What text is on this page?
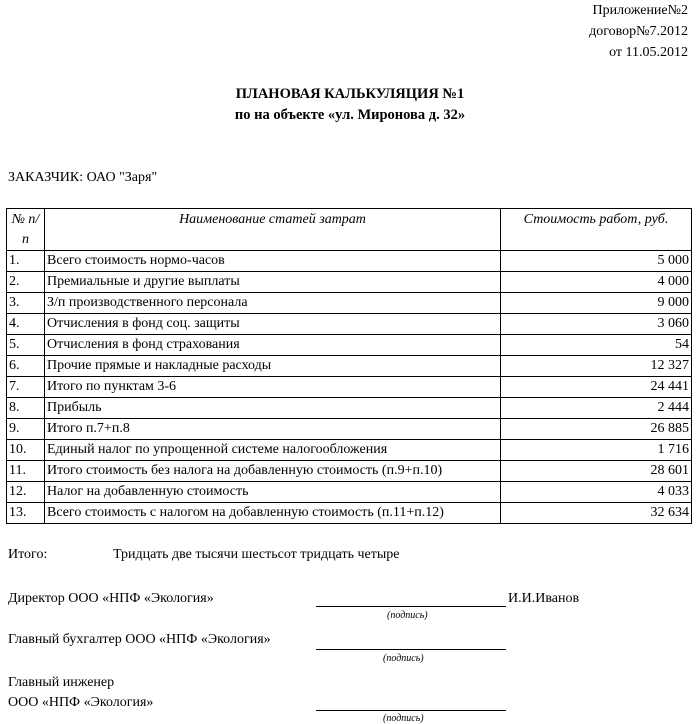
Приложение№2
договор№7.2012
от 11.05.2012
ПЛАНОВАЯ КАЛЬКУЛЯЦИЯ №1
по на объекте «ул. Миронова д. 32»
ЗАКАЗЧИК: ОАО "Заря"
№ п/п	Наименование статей затрат	Стоимость работ, руб.
1.	Всего стоимость нормо-часов	5 000
2.	Премиальные и другие выплаты	4 000
3.	З/п производственного персонала	9 000
4.	Отчисления в фонд соц. защиты	3 060
5.	Отчисления в фонд страхования	54
6.	Прочие прямые и накладные расходы	12 327
7.	Итого по пунктам 3-6	24 441
8.	Прибыль	2 444
9.	Итого п.7+п.8	26 885
10.	Единый налог по упрощенной системе налогообложения	1 716
11.	Итого стоимость без налога на добавленную стоимость (п.9+п.10)	28 601
12.	Налог на добавленную стоимость	4 033
13.	Всего стоимость с налогом на добавленную стоимость (п.11+п.12)	32 634
Итого:	Тридцать две тысячи шестьсот тридцать четыре
Директор ООО «НПФ «Экология»	И.И.Иванов
(подпись)
Главный бухгалтер ООО «НПФ «Экология»
(подпись)
Главный инженер
ООО «НПФ «Экология»
(подпись)
